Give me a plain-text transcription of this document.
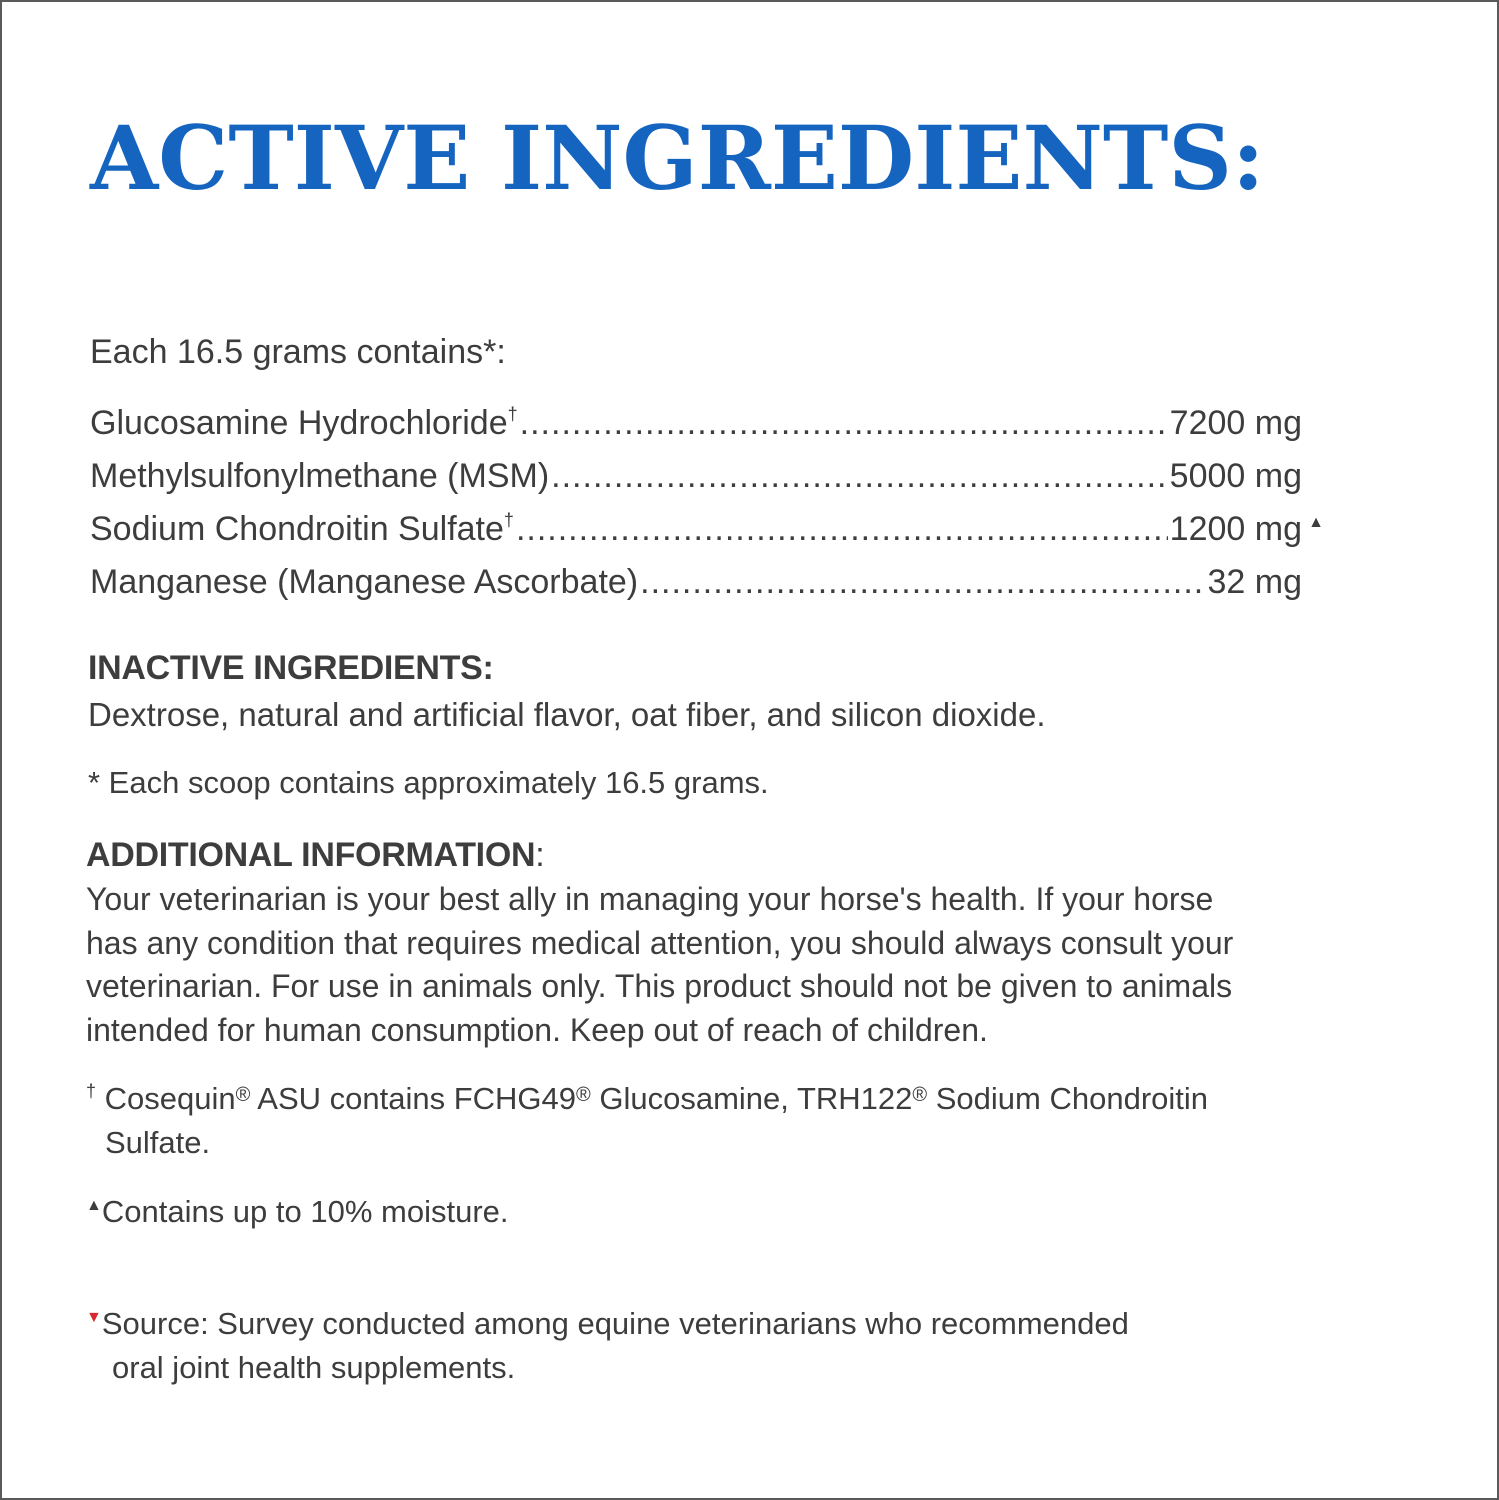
ACTIVE INGREDIENTS:
Each 16.5 grams contains*:
Glucosamine Hydrochloride† .....	7200 mg
Methylsulfonylmethane (MSM) .....	5000 mg
Sodium Chondroitin Sulfate† .....	1200 mg ▲
Manganese (Manganese Ascorbate) .....	32 mg
INACTIVE INGREDIENTS:
Dextrose, natural and artificial flavor, oat fiber, and silicon dioxide.
* Each scoop contains approximately 16.5 grams.
ADDITIONAL INFORMATION:
Your veterinarian is your best ally in managing your horse's health. If your horse
has any condition that requires medical attention, you should always consult your
veterinarian. For use in animals only. This product should not be given to animals
intended for human consumption. Keep out of reach of children.
† Cosequin® ASU contains FCHG49® Glucosamine, TRH122® Sodium Chondroitin
Sulfate.
▲Contains up to 10% moisture.
▼Source: Survey conducted among equine veterinarians who recommended
oral joint health supplements.
